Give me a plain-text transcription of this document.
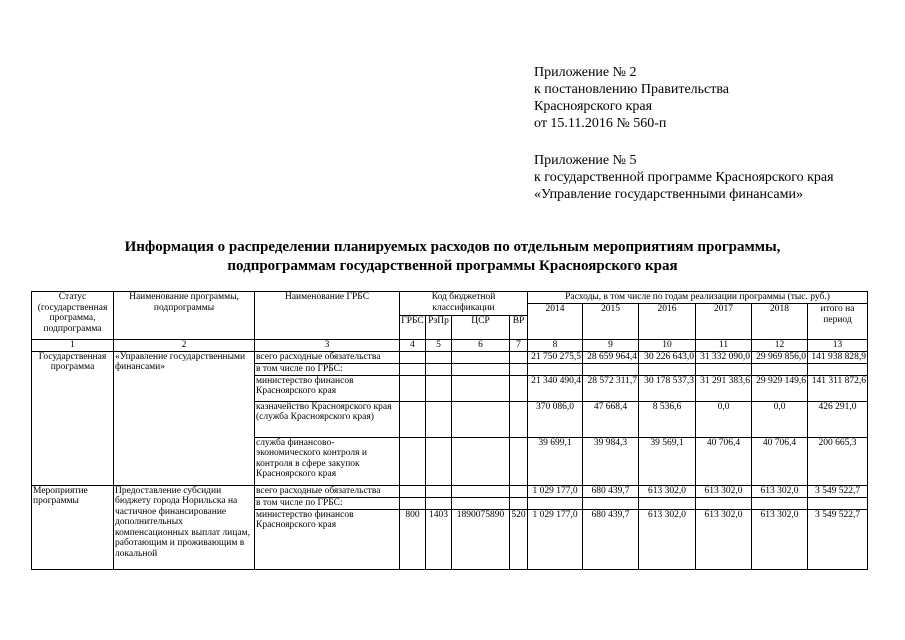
Приложение № 2
к постановлению Правительства
Красноярского края
от 15.11.2016 № 560-п
Приложение № 5
к государственной программе Красноярского края
«Управление государственными финансами»
Информация о распределении планируемых расходов по отдельным мероприятиям программы,
подпрограммам государственной программы Красноярского края
Статус (государственная программа, подпрограмма	Наименование программы, подпрограммы	Наименование ГРБС	Код бюджетной классификации				Расходы, в том числе по годам реализации программы (тыс. руб.)					
							2014	2015	2016	2017	2018	итого на период
			ГРБС	РзПр	ЦСР	ВР						
1	2	3	4	5	6	7	8	9	10	11	12	13
Государственная программа	«Управление государственными финансами»	всего расходные обязательства					21 750 275,5	28 659 964,4	30 226 643,0	31 332 090,0	29 969 856,0	141 938 828,9
		в том числе по ГРБС:										
		министерство финансов Красноярского края					21 340 490,4	28 572 311,7	30 178 537,3	31 291 383,6	29 929 149,6	141 311 872,6
		казначейство Красноярского края (служба Красноярского края)					370 086,0	47 668,4	8 536,6	0,0	0,0	426 291,0
		служба финансово-экономического контроля и контроля в сфере закупок Красноярского края					39 699,1	39 984,3	39 569,1	40 706,4	40 706,4	200 665,3
Мероприятие программы	Предоставление субсидии бюджету города Норильска на частичное финансирование дополнительных компенсационных выплат лицам, работающим и проживающим в локальной	всего расходные обязательства					1 029 177,0	680 439,7	613 302,0	613 302,0	613 302,0	3 549 522,7
		в том числе по ГРБС:										
		министерство финансов Красноярского края	800	1403	1890075890	520	1 029 177,0	680 439,7	613 302,0	613 302,0	613 302,0	3 549 522,7
